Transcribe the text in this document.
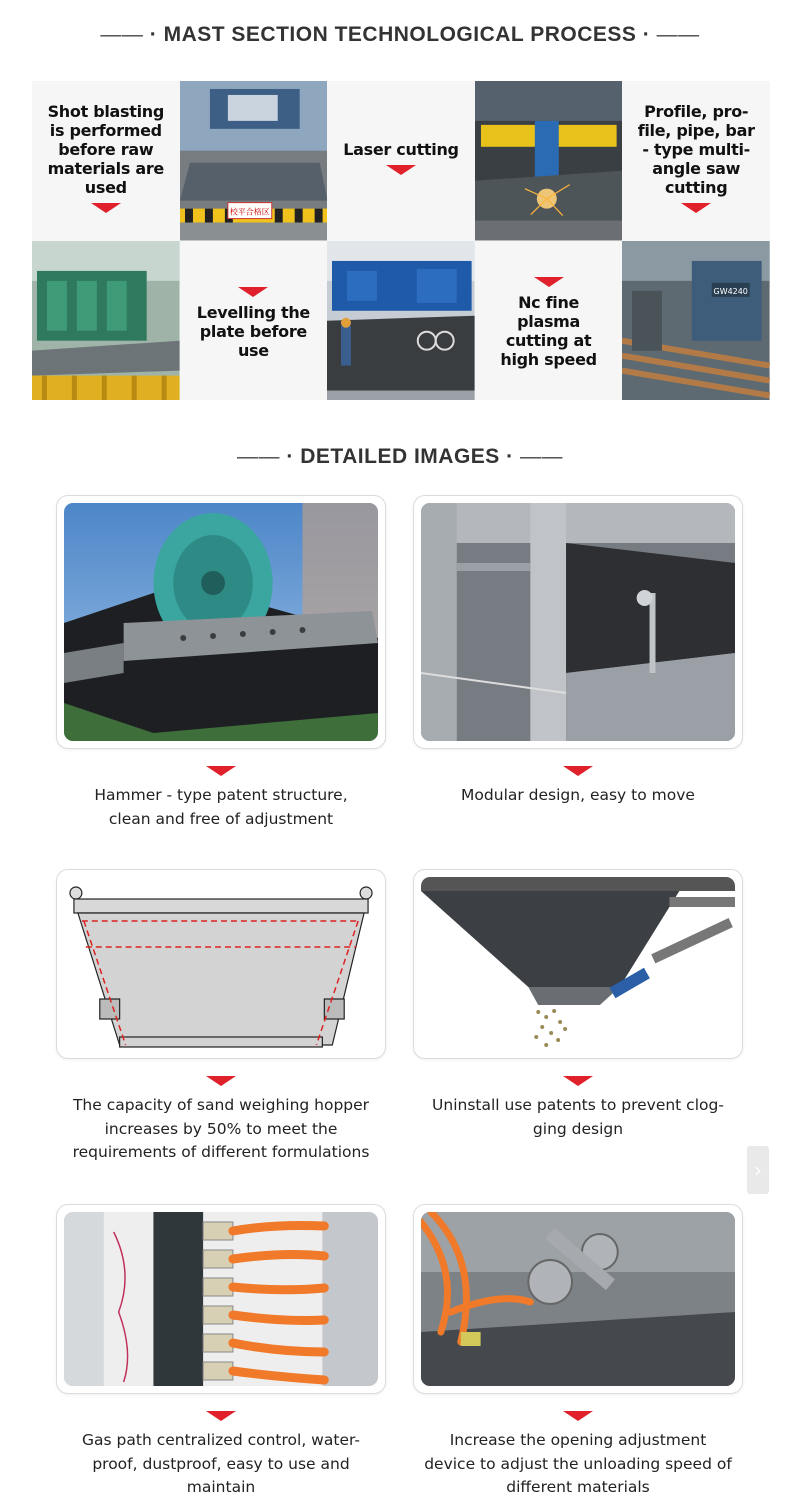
—— · MAST SECTION TECHNOLOGICAL PROCESS · ——
Shot blasting is performed before raw materials are used
校平合格区
Laser cutting
Profile, pro-file, pipe, bar - type multi-angle saw cutting
Levelling the plate before use
Nc fine plasma cutting at high speed
GW4240
—— · DETAILED IMAGES · ——
Hammer - type patent structure, clean and free of adjustment
Modular design, easy to move
The capacity of sand weighing hopper increases by 50% to meet the requirements of different formulations
Uninstall use patents to prevent clog-ging design
›
Gas path centralized control, water-proof, dustproof, easy to use and maintain
Increase the opening adjustment device to adjust the unloading speed of different materials
